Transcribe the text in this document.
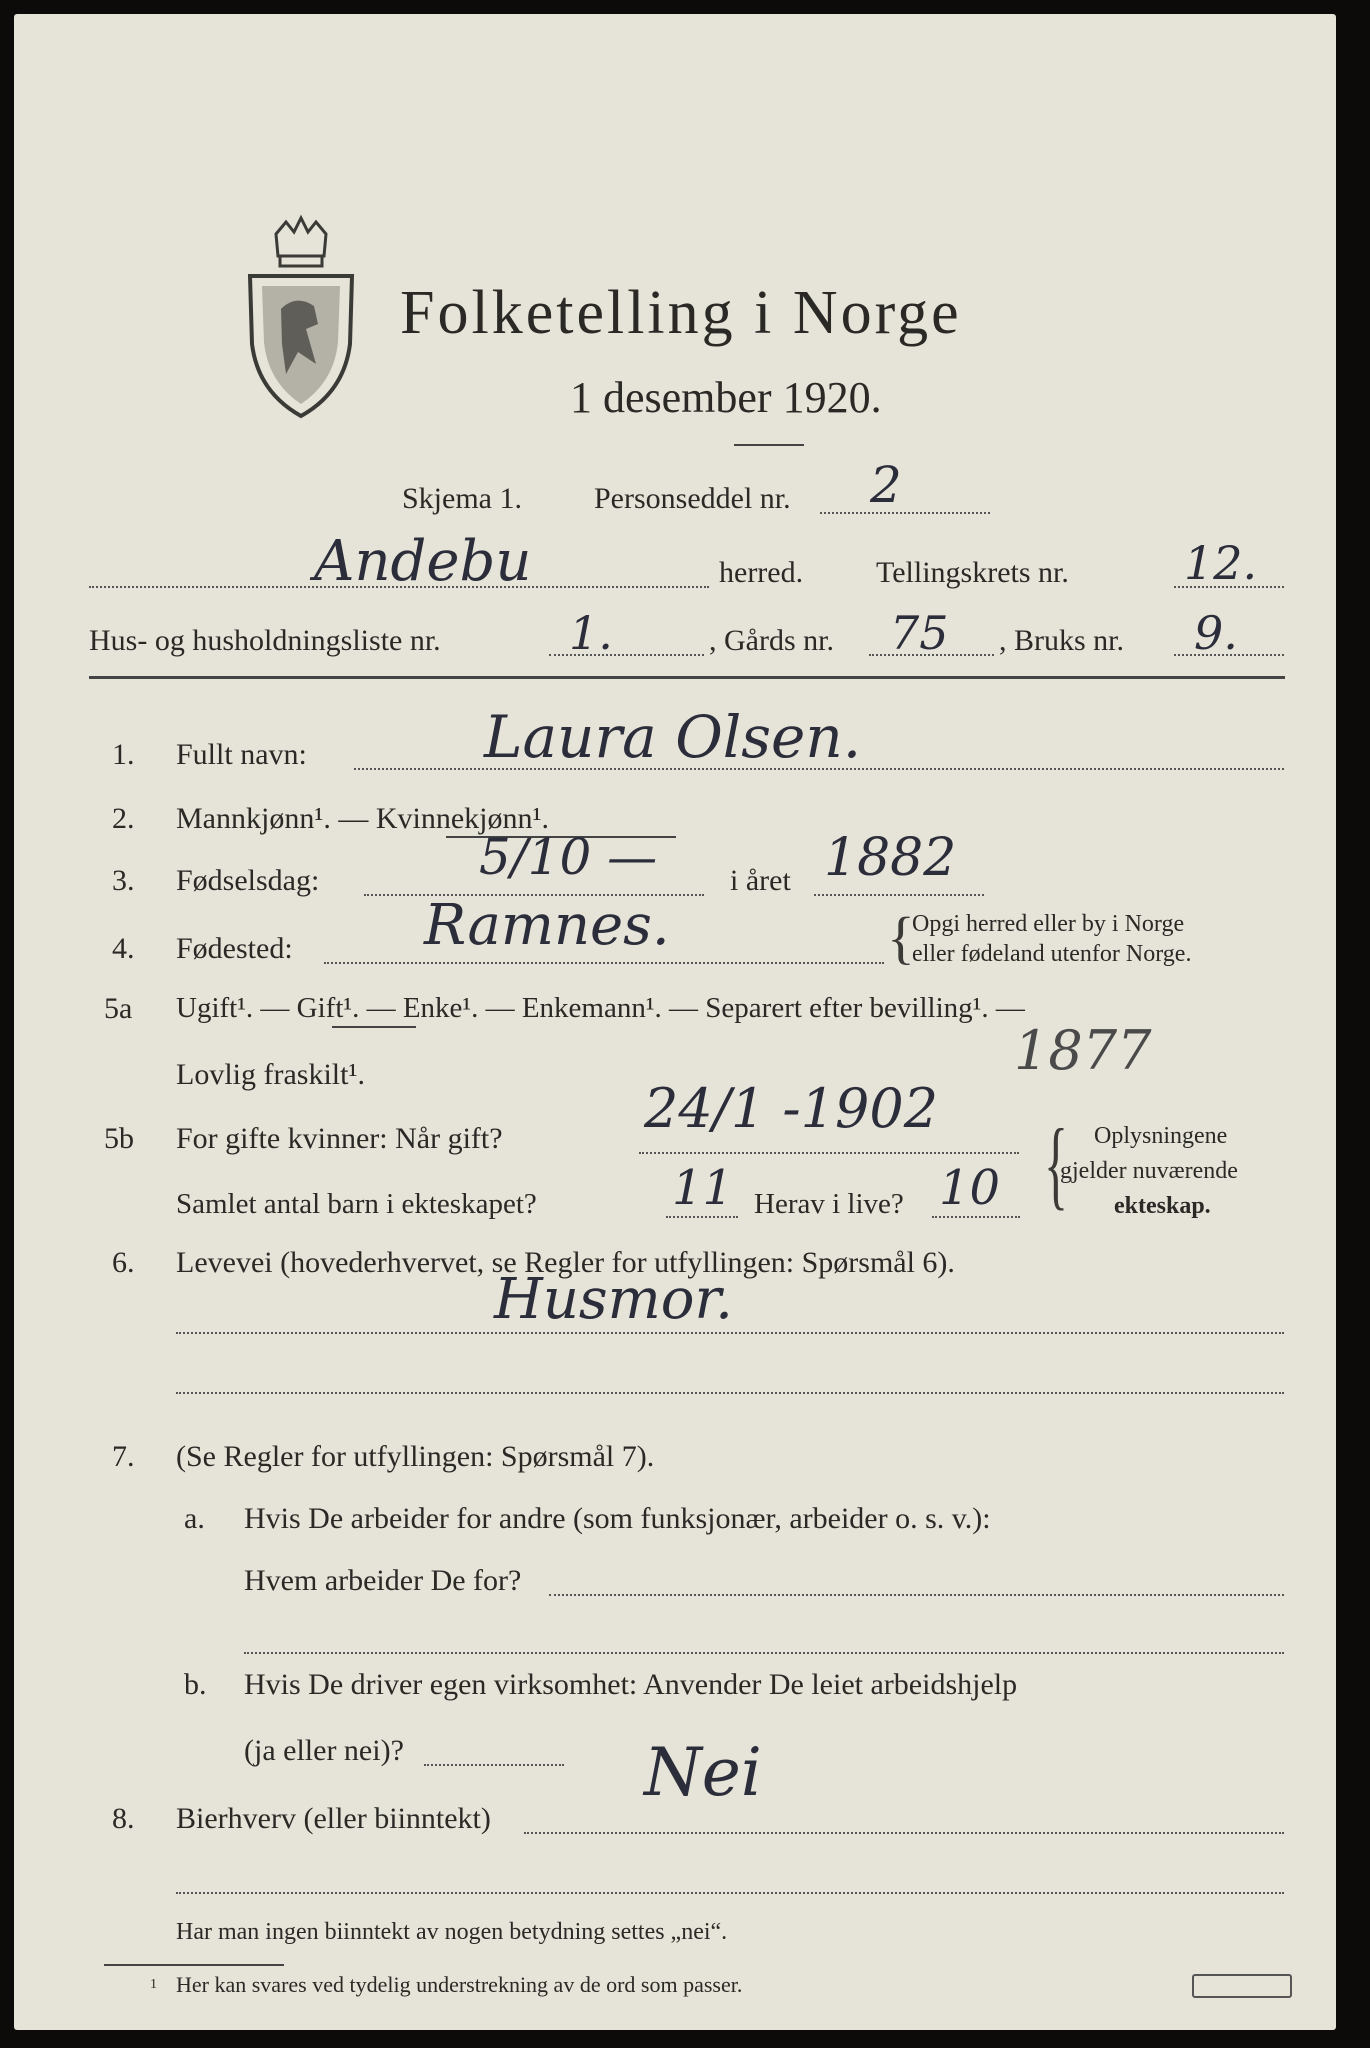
Folketelling i Norge
1 desember 1920.
Skjema 1. Personseddel nr. 2
Andebu	herred. Tellingskrets nr.	12.
Hus- og husholdningsliste nr.	1.	, Gårds nr. 75 , Bruks nr. 9.
1. Fullt navn:	Laura Olsen.
2. Mannkjønn¹. — Kvinnekjønn¹.
3. Fødselsdag:	5/10 — i året 1882
4. Fødested: Ramnes.	{
Opgi herred eller by i Norge
eller fødeland utenfor Norge.
5a Ugift¹. — Gift¹. — Enke¹. — Enkemann¹. — Separert efter bevilling¹. —
Lovlig fraskilt¹.	1877
5b For gifte kvinner: Når gift?	24/1 -1902
Samlet antal barn i ekteskapet?	11 Herav i live? 10 { Oplysningene
gjelder nuværende
ekteskap.
6. Levevei (hovederhvervet, se Regler for utfyllingen: Spørsmål 6).
Husmor.
7. (Se Regler for utfyllingen: Spørsmål 7).
a. Hvis De arbeider for andre (som funksjonær, arbeider o. s. v.):
Hvem arbeider De for?
b. Hvis De driver egen virksomhet: Anvender De leiet arbeidshjelp
(ja eller nei)?
8. Bierhverv (eller biinntekt)
Nei
Har man ingen biinntekt av nogen betydning settes „nei“.
1 Her kan svares ved tydelig understrekning av de ord som passer.
